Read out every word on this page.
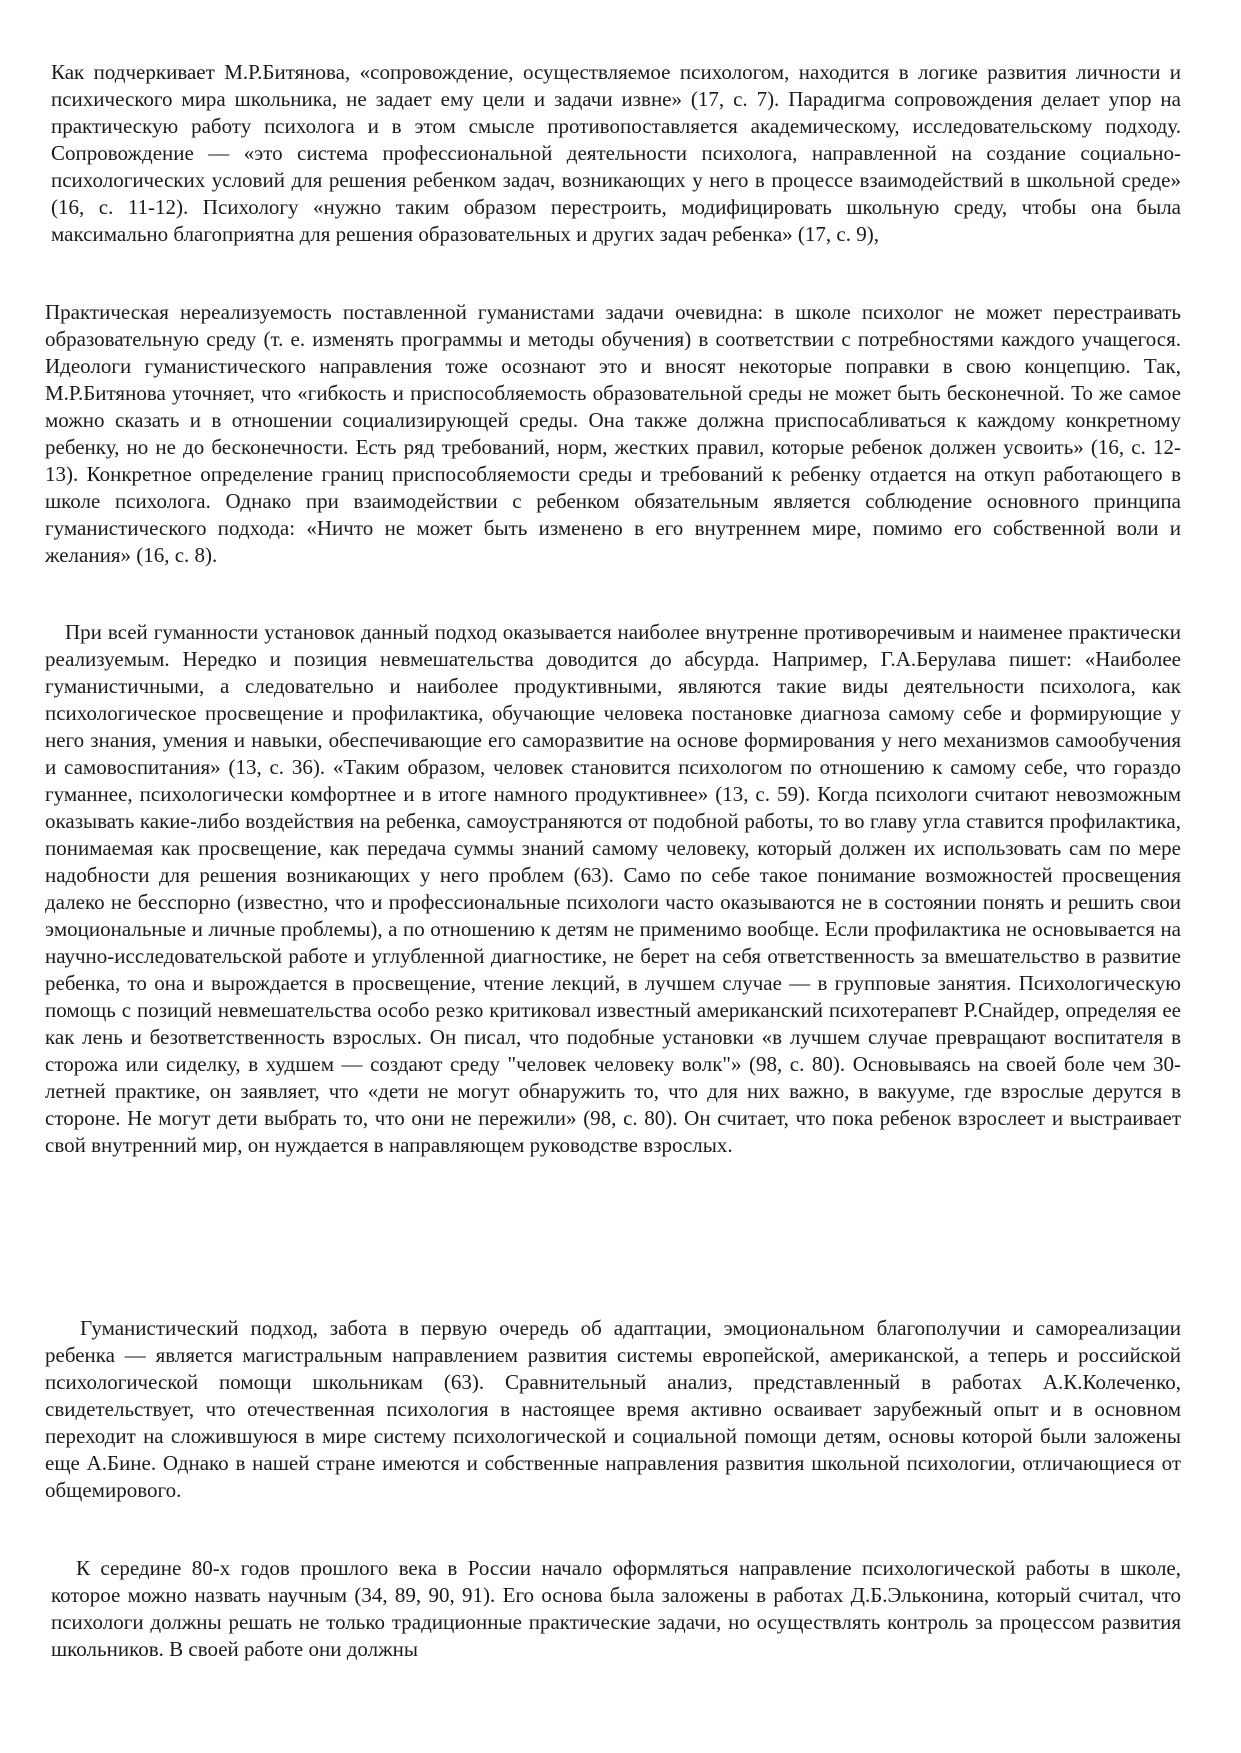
Как подчеркивает М.Р.Битянова, «сопровождение, осуществляемое психологом, находится в логике развития личности и психического мира школьника, не задает ему цели и задачи извне» (17, с. 7). Парадигма сопровождения делает упор на практическую работу психолога и в этом смысле противопоставляется академическому, исследовательскому подходу. Сопровождение — «это система профессиональной деятельности психолога, направленной на создание социально-психологических условий для решения ребенком задач, возникающих у него в процессе взаимодействий в школьной среде» (16, с. 11-12). Психологу «нужно таким образом перестроить, модифицировать школьную среду, чтобы она была максимально благоприятна для решения образовательных и других задач ребенка» (17, с. 9),

Практическая нереализуемость поставленной гуманистами задачи очевидна: в школе психолог не может перестраивать образовательную среду (т. е. изменять программы и методы обучения) в соответствии с потребностями каждого учащегося. Идеологи гуманистического направления тоже осознают это и вносят некоторые поправки в свою концепцию. Так, М.Р.Битянова уточняет, что «гибкость и приспособляемость образовательной среды не может быть бесконечной. То же самое можно сказать и в отношении социализирующей среды. Она также должна приспосабливаться к каждому конкретному ребенку, но не до бесконечности. Есть ряд требований, норм, жестких правил, которые ребенок должен усвоить» (16, с. 12-13). Конкретное определение границ приспособляемости среды и требований к ребенку отдается на откуп работающего в школе психолога. Однако при взаимодействии с ребенком обязательным является соблюдение основного принципа гуманистического подхода: «Ничто не может быть изменено в его внутреннем мире, помимо его собственной воли и желания» (16, с. 8).

При всей гуманности установок данный подход оказывается наиболее внутренне противоречивым и наименее практически реализуемым. Нередко и позиция невмешательства доводится до абсурда. Например, Г.А.Берулава пишет: «Наиболее гуманистичными, а следовательно и наиболее продуктивными, являются такие виды деятельности психолога, как психологическое просвещение и профилактика, обучающие человека постановке диагноза самому себе и формирующие у него знания, умения и навыки, обеспечивающие его саморазвитие на основе формирования у него механизмов самообучения и самовоспитания» (13, с. 36). «Таким образом, человек становится психологом по отношению к самому себе, что гораздо гуманнее, психологически комфортнее и в итоге намного продуктивнее» (13, с. 59). Когда психологи считают невозможным оказывать какие-либо воздействия на ребенка, самоустраняются от подобной работы, то во главу угла ставится профилактика, понимаемая как просвещение, как передача суммы знаний самому человеку, который должен их использовать сам по мере надобности для решения возникающих у него проблем (63). Само по себе такое понимание возможностей просвещения далеко не бесспорно (известно, что и профессиональные психологи часто оказываются не в состоянии понять и решить свои эмоциональные и личные проблемы), а по отношению к детям не применимо вообще. Если профилактика не основывается на научно-исследовательской работе и углубленной диагностике, не берет на себя ответственность за вмешательство в развитие ребенка, то она и вырождается в просвещение, чтение лекций, в лучшем случае — в групповые занятия. Психологическую помощь с позиций невмешательства особо резко критиковал известный американский психотерапевт Р.Снайдер, определяя ее как лень и безответственность взрослых. Он писал, что подобные установки «в лучшем случае превращают воспитателя в сторожа или сиделку, в худшем — создают среду "человек человеку волк"» (98, с. 80). Основываясь на своей боле чем 30-летней практике, он заявляет, что «дети не могут обнаружить то, что для них важно, в вакууме, где взрослые дерутся в стороне. Не могут дети выбрать то, что они не пережили» (98, с. 80). Он считает, что пока ребенок взрослеет и выстраивает свой внутренний мир, он нуждается в направляющем руководстве взрослых.

Гуманистический подход, забота в первую очередь об адаптации, эмоциональном благополучии и самореализации ребенка — является магистральным направлением развития системы европейской, американской, а теперь и российской психологической помощи школьникам (63). Сравнительный анализ, представленный в работах А.К.Колеченко, свидетельствует, что отечественная психология в настоящее время активно осваивает зарубежный опыт и в основном переходит на сложившуюся в мире систему психологической и социальной помощи детям, основы которой были заложены еще А.Бине. Однако в нашей стране имеются и собственные направления развития школьной психологии, отличающиеся от общемирового.

К середине 80-х годов прошлого века в России начало оформляться направление психологической работы в школе, которое можно назвать научным (34, 89, 90, 91). Его основа была заложены в работах Д.Б.Эльконина, который считал, что психологи должны решать не только традиционные практические задачи, но осуществлять контроль за процессом развития школьников. В своей работе они должны
